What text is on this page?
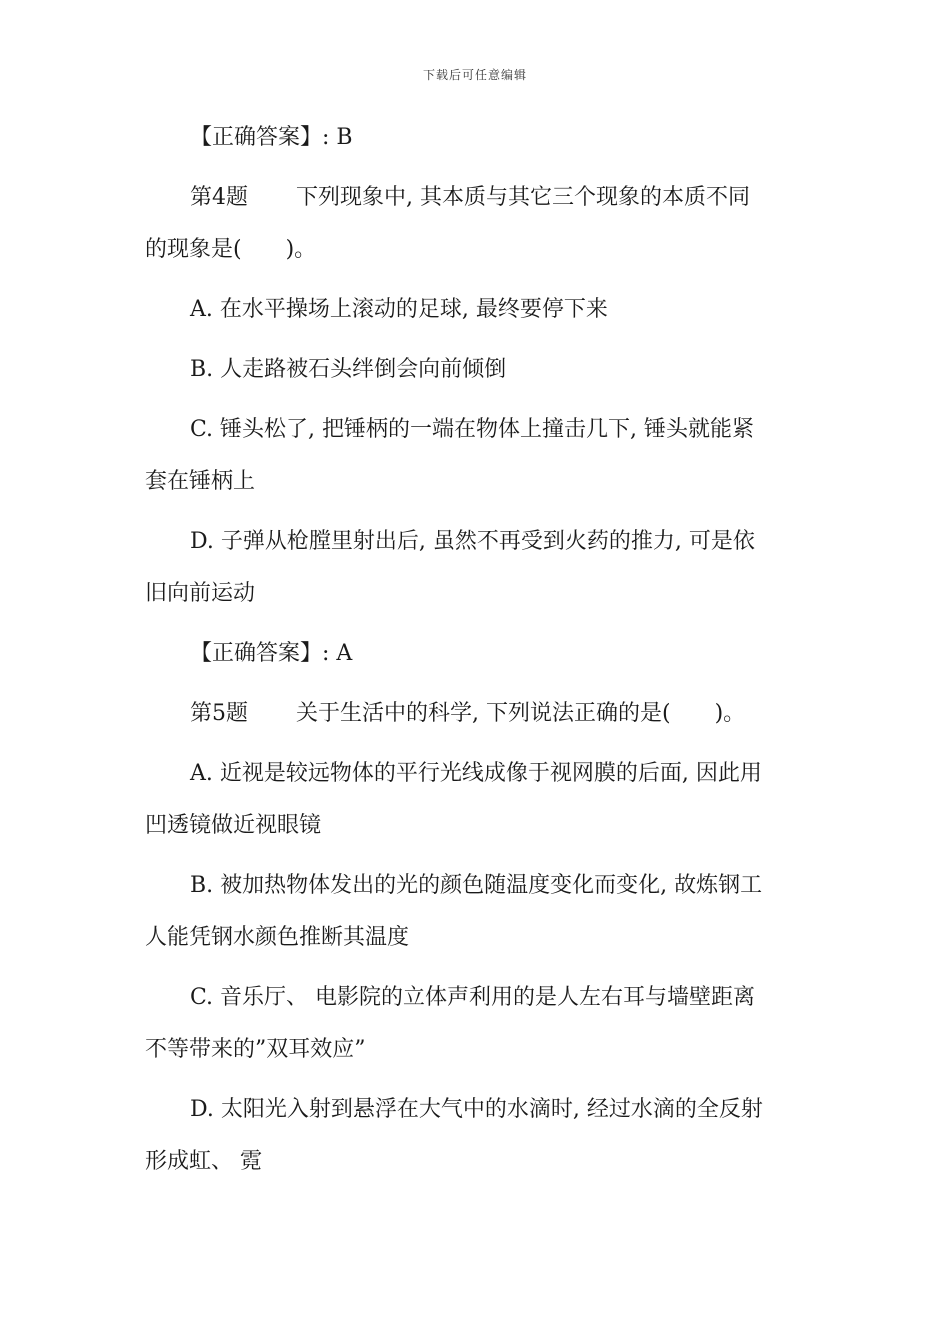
下载后可任意编辑
【正确答案】: B
第4题 下列现象中, 其本质与其它三个现象的本质不同
的现象是(　　)。
A. 在水平操场上滚动的足球, 最终要停下来
B. 人走路被石头绊倒会向前倾倒
C. 锤头松了, 把锤柄的一端在物体上撞击几下, 锤头就能紧
套在锤柄上
D. 子弹从枪膛里射出后, 虽然不再受到火药的推力, 可是依
旧向前运动
【正确答案】: A
第5题 关于生活中的科学, 下列说法正确的是(　　)。
A. 近视是较远物体的平行光线成像于视网膜的后面, 因此用
凹透镜做近视眼镜
B. 被加热物体发出的光的颜色随温度变化而变化, 故炼钢工
人能凭钢水颜色推断其温度
C. 音乐厅、 电影院的立体声利用的是人左右耳与墙壁距离
不等带来的”双耳效应”
D. 太阳光入射到悬浮在大气中的水滴时, 经过水滴的全反射
形成虹、 霓
